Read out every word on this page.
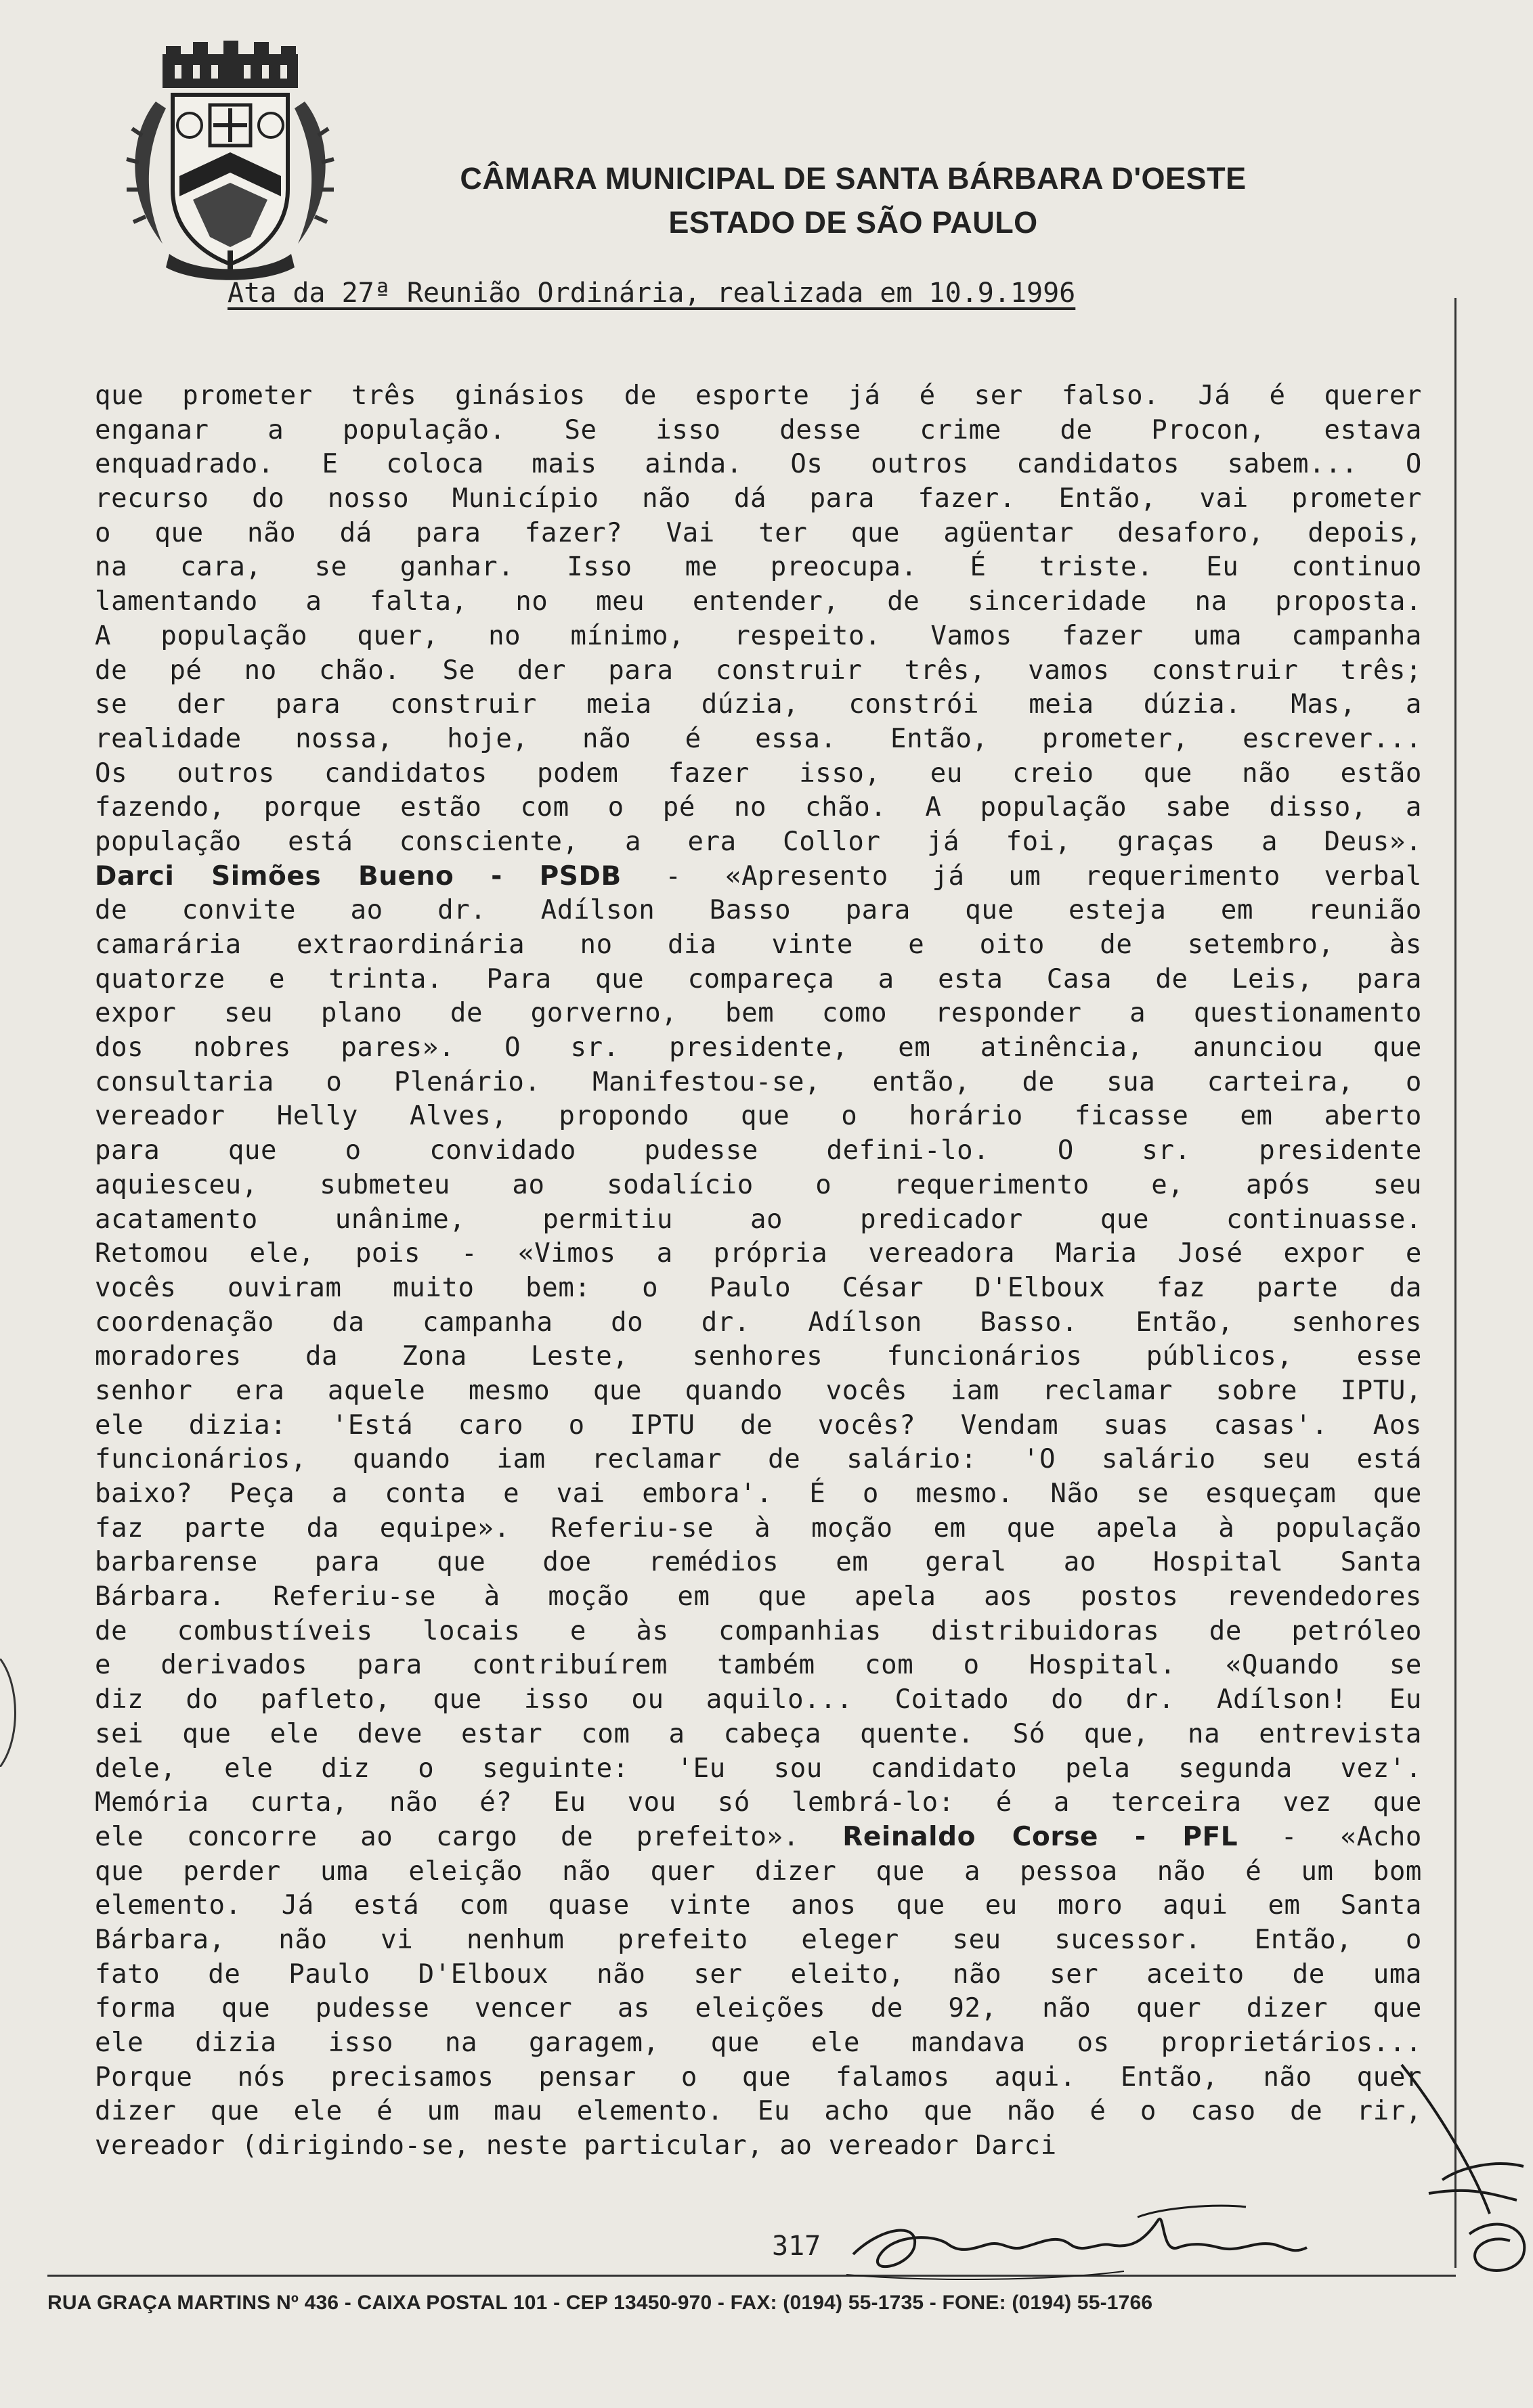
CÂMARA MUNICIPAL DE SANTA BÁRBARA D'OESTE
ESTADO DE SÃO PAULO
Ata da 27ª Reunião Ordinária, realizada em 10.9.1996
que prometer três ginásios de esporte já é ser falso. Já é querer
enganar a população. Se isso desse crime de Procon, estava
enquadrado. E coloca mais ainda. Os outros candidatos sabem... O
recurso do nosso Município não dá para fazer. Então, vai prometer
o que não dá para fazer? Vai ter que agüentar desaforo, depois,
na cara, se ganhar. Isso me preocupa. É triste. Eu continuo
lamentando a falta, no meu entender, de sinceridade na proposta.
A população quer, no mínimo, respeito. Vamos fazer uma campanha
de pé no chão. Se der para construir três, vamos construir três;
se der para construir meia dúzia, constrói meia dúzia. Mas, a
realidade nossa, hoje, não é essa. Então, prometer, escrever...
Os outros candidatos podem fazer isso, eu creio que não estão
fazendo, porque estão com o pé no chão. A população sabe disso, a
população está consciente, a era Collor já foi, graças a Deus».
Darci Simões Bueno - PSDB - «Apresento já um requerimento verbal
de convite ao dr. Adílson Basso para que esteja em reunião
camarária extraordinária no dia vinte e oito de setembro, às
quatorze e trinta. Para que compareça a esta Casa de Leis, para
expor seu plano de gorverno, bem como responder a questionamento
dos nobres pares». O sr. presidente, em atinência, anunciou que
consultaria o Plenário. Manifestou-se, então, de sua carteira, o
vereador Helly Alves, propondo que o horário ficasse em aberto
para que o convidado pudesse defini-lo. O sr. presidente
aquiesceu, submeteu ao sodalício o requerimento e, após seu
acatamento unânime, permitiu ao predicador que continuasse.
Retomou ele, pois - «Vimos a própria vereadora Maria José expor e
vocês ouviram muito bem: o Paulo César D'Elboux faz parte da
coordenação da campanha do dr. Adílson Basso. Então, senhores
moradores da Zona Leste, senhores funcionários públicos, esse
senhor era aquele mesmo que quando vocês iam reclamar sobre IPTU,
ele dizia: 'Está caro o IPTU de vocês? Vendam suas casas'. Aos
funcionários, quando iam reclamar de salário: 'O salário seu está
baixo? Peça a conta e vai embora'. É o mesmo. Não se esqueçam que
faz parte da equipe». Referiu-se à moção em que apela à população
barbarense para que doe remédios em geral ao Hospital Santa
Bárbara. Referiu-se à moção em que apela aos postos revendedores
de combustíveis locais e às companhias distribuidoras de petróleo
e derivados para contribuírem também com o Hospital. «Quando se
diz do pafleto, que isso ou aquilo... Coitado do dr. Adílson! Eu
sei que ele deve estar com a cabeça quente. Só que, na entrevista
dele, ele diz o seguinte: 'Eu sou candidato pela segunda vez'.
Memória curta, não é? Eu vou só lembrá-lo: é a terceira vez que
ele concorre ao cargo de prefeito». Reinaldo Corse - PFL - «Acho
que perder uma eleição não quer dizer que a pessoa não é um bom
elemento. Já está com quase vinte anos que eu moro aqui em Santa
Bárbara, não vi nenhum prefeito eleger seu sucessor. Então, o
fato de Paulo D'Elboux não ser eleito, não ser aceito de uma
forma que pudesse vencer as eleições de 92, não quer dizer que
ele dizia isso na garagem, que ele mandava os proprietários...
Porque nós precisamos pensar o que falamos aqui. Então, não quer
dizer que ele é um mau elemento. Eu acho que não é o caso de rir,
vereador (dirigindo-se, neste particular, ao vereador Darci
317
RUA GRAÇA MARTINS Nº 436 - CAIXA POSTAL 101 - CEP 13450-970 - FAX: (0194) 55-1735 - FONE: (0194) 55-1766
